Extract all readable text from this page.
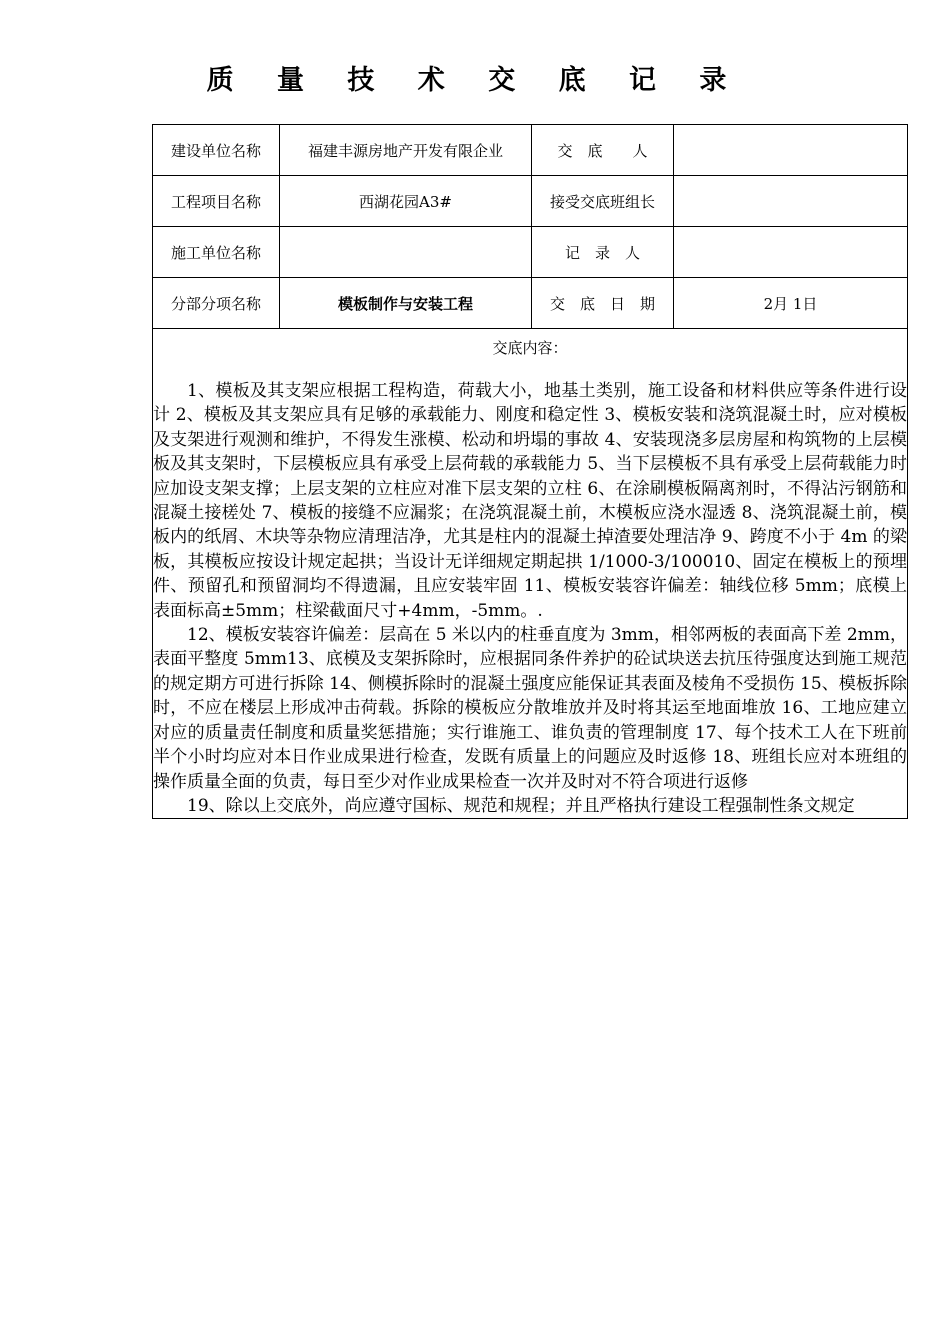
质 量 技 术 交 底 记 录
建设单位名称	福建丰源房地产开发有限企业	交　底　　人	
工程项目名称	西湖花园A3#	接受交底班组长	
施工单位名称		记　录　人	
分部分项名称	模板制作与安装工程	交　底　日　期	2月 1日

交底内容：

1、模板及其支架应根据工程构造，荷载大小，地基土类别，施工设备和材料供应等条件进行设计 2、模板及其支架应具有足够的承载能力、刚度和稳定性 3、模板安装和浇筑混凝土时，应对模板及支架进行观测和维护，不得发生涨模、松动和坍塌的事故 4、安装现浇多层房屋和构筑物的上层模板及其支架时，下层模板应具有承受上层荷载的承载能力 5、当下层模板不具有承受上层荷载能力时应加设支架支撑；上层支架的立柱应对准下层支架的立柱 6、在涂刷模板隔离剂时，不得沾污钢筋和混凝土接槎处 7、模板的接缝不应漏浆；在浇筑混凝土前，木模板应浇水湿透 8、浇筑混凝土前，模板内的纸屑、木块等杂物应清理洁净，尤其是柱内的混凝土掉渣要处理洁净 9、跨度不小于 4m 的梁板，其模板应按设计规定起拱；当设计无详细规定期起拱 1/1000-3/100010、固定在模板上的预埋件、预留孔和预留洞均不得遗漏，且应安装牢固 11、模板安装容许偏差：轴线位移 5mm；底模上表面标高±5mm；柱梁截面尺寸+4mm，-5mm。.

12、模板安装容许偏差：层高在 5 米以内的柱垂直度为 3mm，相邻两板的表面高下差 2mm，表面平整度 5mm13、底模及支架拆除时，应根据同条件养护的砼试块送去抗压待强度达到施工规范的规定期方可进行拆除 14、侧模拆除时的混凝土强度应能保证其表面及棱角不受损伤 15、模板拆除时，不应在楼层上形成冲击荷载。拆除的模板应分散堆放并及时将其运至地面堆放 16、工地应建立对应的质量责任制度和质量奖惩措施；实行谁施工、谁负责的管理制度 17、每个技术工人在下班前半个小时均应对本日作业成果进行检查，发既有质量上的问题应及时返修 18、班组长应对本班组的操作质量全面的负责，每日至少对作业成果检查一次并及时对不符合项进行返修

19、除以上交底外，尚应遵守国标、规范和规程；并且严格执行建设工程强制性条文规定			
